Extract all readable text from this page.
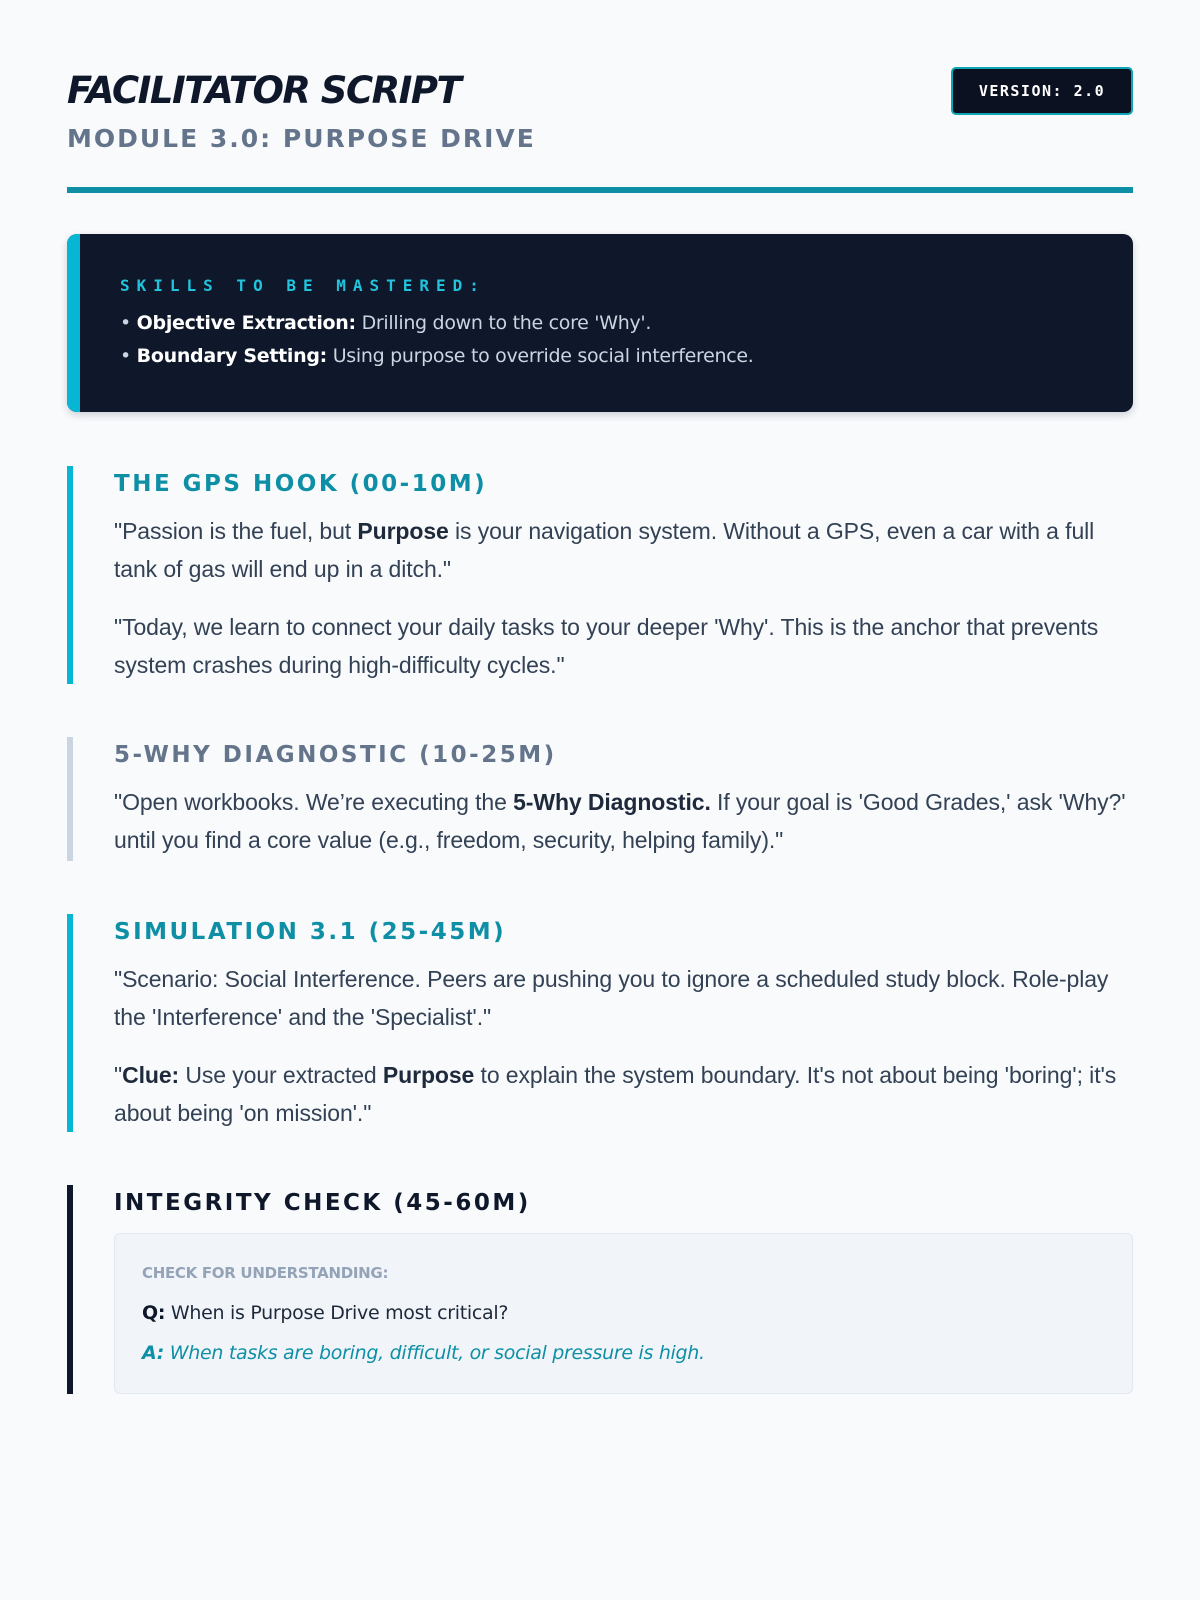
FACILITATOR SCRIPT
MODULE 3.0: PURPOSE DRIVE
VERSION: 2.0
SKILLS TO BE MASTERED:
• Objective Extraction: Drilling down to the core 'Why'.
• Boundary Setting: Using purpose to override social interference.
THE GPS HOOK (00-10M)

"Passion is the fuel, but Purpose is your navigation system. Without a GPS, even a car with a full tank of gas will end up in a ditch."

"Today, we learn to connect your daily tasks to your deeper 'Why'. This is the anchor that prevents system crashes during high-difficulty cycles."

5-WHY DIAGNOSTIC (10-25M)

"Open workbooks. We’re executing the 5-Why Diagnostic. If your goal is 'Good Grades,' ask 'Why?' until you find a core value (e.g., freedom, security, helping family)."

SIMULATION 3.1 (25-45M)

"Scenario: Social Interference. Peers are pushing you to ignore a scheduled study block. Role-play the 'Interference' and the 'Specialist'."

"Clue: Use your extracted Purpose to explain the system boundary. It's not about being 'boring'; it's about being 'on mission'."

INTEGRITY CHECK (45-60M)
CHECK FOR UNDERSTANDING:
Q: When is Purpose Drive most critical?
A: When tasks are boring, difficult, or social pressure is high.
